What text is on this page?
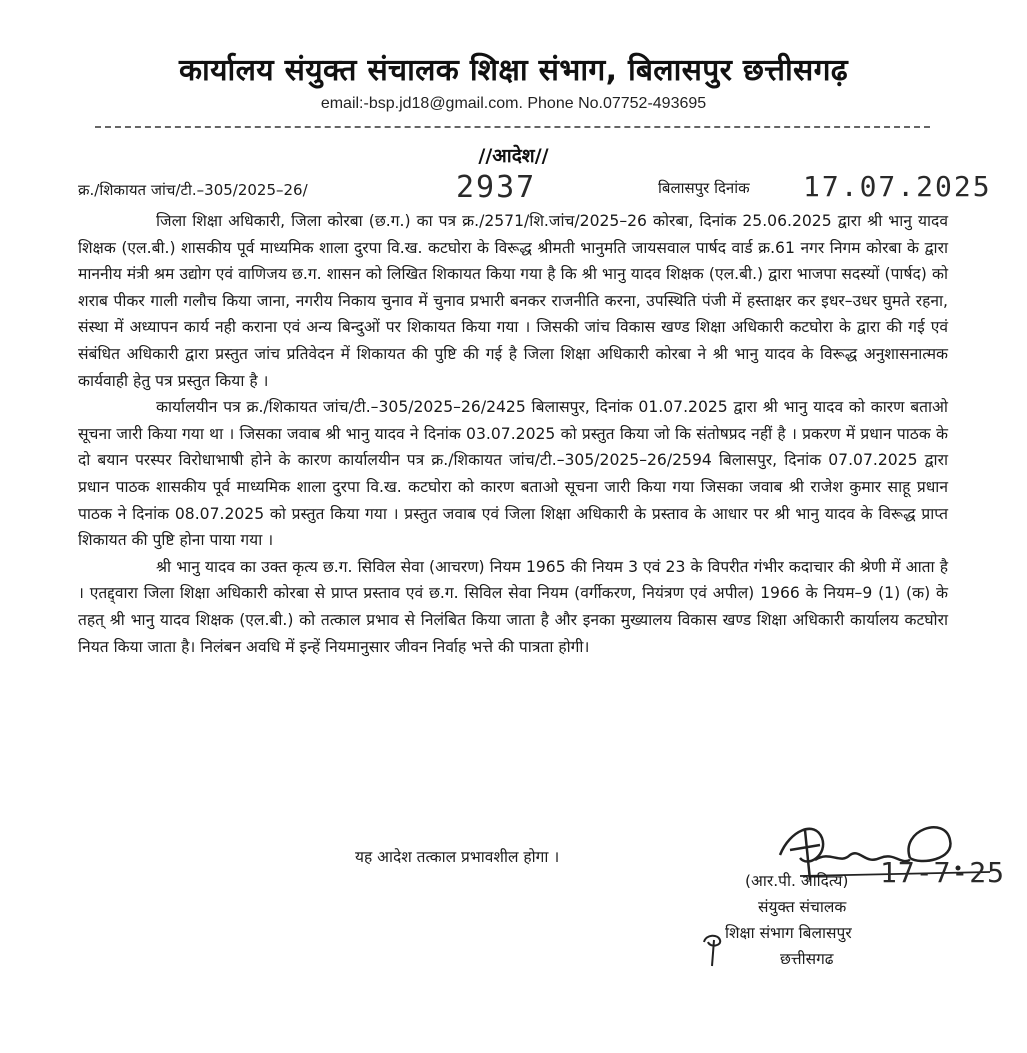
कार्यालय संयुक्त संचालक शिक्षा संभाग, बिलासपुर छत्तीसगढ़
email:-bsp.jd18@gmail.com. Phone No.07752-493695
//आदेश//
क्र./शिकायत जांच/टी.–305/2025–26/	2937	बिलासपुर दिनांक 17.07.2025

जिला शिक्षा अधिकारी, जिला कोरबा (छ.ग.) का पत्र क्र./2571/शि.जांच/2025–26 कोरबा, दिनांक 25.06.2025 द्वारा श्री भानु यादव शिक्षक (एल.बी.) शासकीय पूर्व माध्यमिक शाला दुरपा वि.ख. कटघोरा के विरूद्ध श्रीमती भानुमति जायसवाल पार्षद वार्ड क्र.61 नगर निगम कोरबा के द्वारा माननीय मंत्री श्रम उद्योग एवं वाणिजय छ.ग. शासन को लिखित शिकायत किया गया है कि श्री भानु यादव शिक्षक (एल.बी.) द्वारा भाजपा सदस्यों (पार्षद) को शराब पीकर गाली गलौच किया जाना, नगरीय निकाय चुनाव में चुनाव प्रभारी बनकर राजनीति करना, उपस्थिति पंजी में हस्ताक्षर कर इधर–उधर घुमते रहना, संस्था में अध्यापन कार्य नही कराना एवं अन्य बिन्दुओं पर शिकायत किया गया । जिसकी जांच विकास खण्ड शिक्षा अधिकारी कटघोरा के द्वारा की गई एवं संबंधित अधिकारी द्वारा प्रस्तुत जांच प्रतिवेदन में शिकायत की पुष्टि की गई है जिला शिक्षा अधिकारी कोरबा ने श्री भानु यादव के विरूद्ध अनुशासनात्मक कार्यवाही हेतु पत्र प्रस्तुत किया है ।

कार्यालयीन पत्र क्र./शिकायत जांच/टी.–305/2025–26/2425 बिलासपुर, दिनांक 01.07.2025 द्वारा श्री भानु यादव को कारण बताओ सूचना जारी किया गया था । जिसका जवाब श्री भानु यादव ने दिनांक 03.07.2025 को प्रस्तुत किया जो कि संतोषप्रद नहीं है । प्रकरण में प्रधान पाठक के दो बयान परस्पर विरोधाभाषी होने के कारण कार्यालयीन पत्र क्र./शिकायत जांच/टी.–305/2025–26/2594 बिलासपुर, दिनांक 07.07.2025 द्वारा प्रधान पाठक शासकीय पूर्व माध्यमिक शाला दुरपा वि.ख. कटघोरा को कारण बताओ सूचना जारी किया गया जिसका जवाब श्री राजेश कुमार साहू प्रधान पाठक ने दिनांक 08.07.2025 को प्रस्तुत किया गया । प्रस्तुत जवाब एवं जिला शिक्षा अधिकारी के प्रस्ताव के आधार पर श्री भानु यादव के विरूद्ध प्राप्त शिकायत की पुष्टि होना पाया गया ।

श्री भानु यादव का उक्त कृत्य छ.ग. सिविल सेवा (आचरण) नियम 1965 की नियम 3 एवं 23 के विपरीत गंभीर कदाचार की श्रेणी में आता है । एतद्द्वारा जिला शिक्षा अधिकारी कोरबा से प्राप्त प्रस्ताव एवं छ.ग. सिविल सेवा नियम (वर्गीकरण, नियंत्रण एवं अपील) 1966 के नियम–9 (1) (क) के तहत् श्री भानु यादव शिक्षक (एल.बी.) को तत्काल प्रभाव से निलंबित किया जाता है और इनका मुख्यालय विकास खण्ड शिक्षा अधिकारी कार्यालय कटघोरा नियत किया जाता है। निलंबन अवधि में इन्हें नियमानुसार जीवन निर्वाह भत्ते की पात्रता होगी।

यह आदेश तत्काल प्रभावशील होगा ।
(आर.पी. आदित्य) 17-7-25
संयुक्त संचालक
शिक्षा संभाग बिलासपुर
छत्तीसगढ
